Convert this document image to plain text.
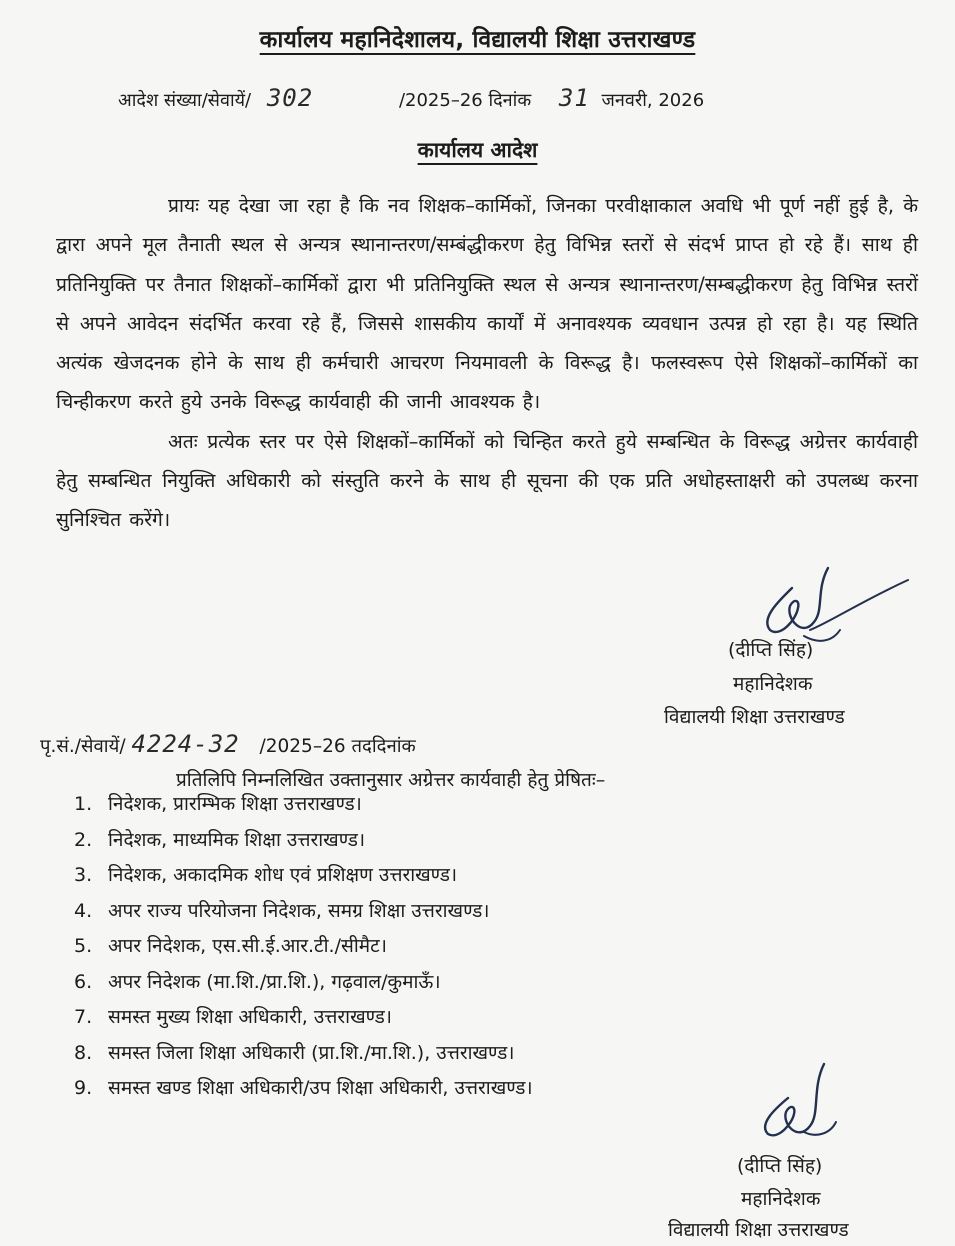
कार्यालय महानिदेशालय, विद्यालयी शिक्षा उत्तराखण्ड
आदेश संख्या/सेवायें/ 302	/2025–26 दिनांक 31 जनवरी, 2026
कार्यालय आदेश

प्रायः यह देखा जा रहा है कि नव शिक्षक–कार्मिकों, जिनका परवीक्षाकाल अवधि भी पूर्ण नहीं हुई है, के द्वारा अपने मूल तैनाती स्थल से अन्यत्र स्थानान्तरण/सम्बंद्धीकरण हेतु विभिन्न स्तरों से संदर्भ प्राप्त हो रहे हैं। साथ ही प्रतिनियुक्ति पर तैनात शिक्षकों–कार्मिकों द्वारा भी प्रतिनियुक्ति स्थल से अन्यत्र स्थानान्तरण/सम्बद्धीकरण हेतु विभिन्न स्तरों से अपने आवेदन संदर्भित करवा रहे हैं, जिससे शासकीय कार्यों में अनावश्यक व्यवधान उत्पन्न हो रहा है। यह स्थिति अत्यंक खेजदनक होने के साथ ही कर्मचारी आचरण नियमावली के विरूद्ध है। फलस्वरूप ऐसे शिक्षकों–कार्मिकों का चिन्हीकरण करते हुये उनके विरूद्ध कार्यवाही की जानी आवश्यक है।

अतः प्रत्येक स्तर पर ऐसे शिक्षकों–कार्मिकों को चिन्हित करते हुये सम्बन्धित के विरूद्ध अग्रेत्तर कार्यवाही हेतु सम्बन्धित नियुक्ति अधिकारी को संस्तुति करने के साथ ही सूचना की एक प्रति अधोहस्ताक्षरी को उपलब्ध करना सुनिश्चित करेंगे।

(दीप्ति सिंह)
महानिदेशक
विद्यालयी शिक्षा उत्तराखण्ड
पृ.सं./सेवायें/ 4224-32 /2025–26 तददिनांक
प्रतिलिपि निम्नलिखित उक्तानुसार अग्रेत्तर कार्यवाही हेतु प्रेषितः–
1. निदेशक, प्रारम्भिक शिक्षा उत्तराखण्ड।
2. निदेशक, माध्यमिक शिक्षा उत्तराखण्ड।
3. निदेशक, अकादमिक शोध एवं प्रशिक्षण उत्तराखण्ड।
4. अपर राज्य परियोजना निदेशक, समग्र शिक्षा उत्तराखण्ड।
5. अपर निदेशक, एस.सी.ई.आर.टी./सीमैट।
6. अपर निदेशक (मा.शि./प्रा.शि.), गढ़वाल/कुमाऊँ।
7. समस्त मुख्य शिक्षा अधिकारी, उत्तराखण्ड।
8. समस्त जिला शिक्षा अधिकारी (प्रा.शि./मा.शि.), उत्तराखण्ड।
9. समस्त खण्ड शिक्षा अधिकारी/उप शिक्षा अधिकारी, उत्तराखण्ड।
(दीप्ति सिंह)
महानिदेशक
विद्यालयी शिक्षा उत्तराखण्ड
